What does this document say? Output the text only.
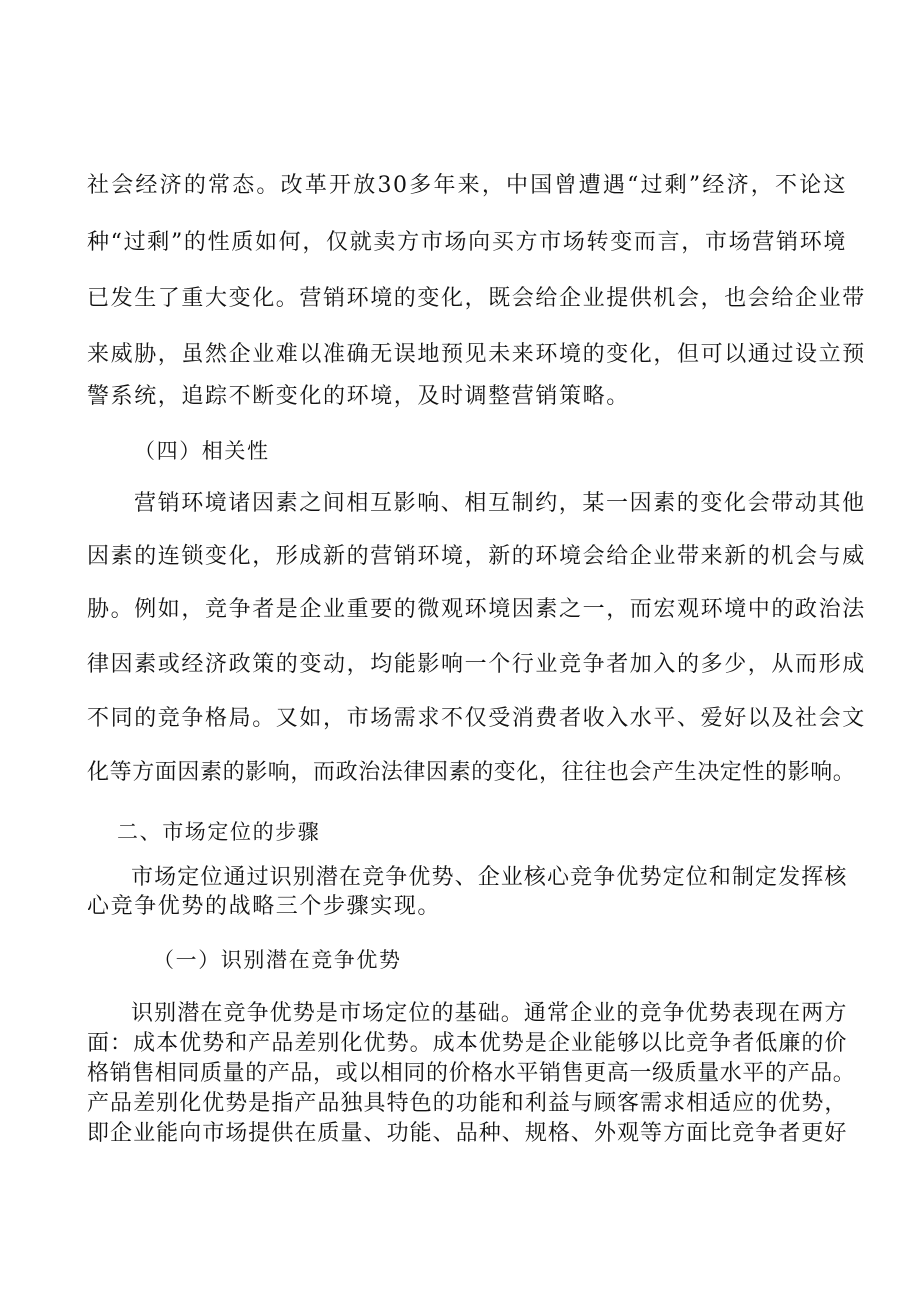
社会经济的常态。改革开放30多年来，中国曾遭遇“过剩”经济，不论这
种“过剩”的性质如何，仅就卖方市场向买方市场转变而言，市场营销环境
已发生了重大变化。营销环境的变化，既会给企业提供机会，也会给企业带
来威胁，虽然企业难以准确无误地预见未来环境的变化，但可以通过设立预
警系统，追踪不断变化的环境，及时调整营销策略。
（四）相关性
营销环境诸因素之间相互影响、相互制约，某一因素的变化会带动其他
因素的连锁变化，形成新的营销环境，新的环境会给企业带来新的机会与威
胁。例如，竞争者是企业重要的微观环境因素之一，而宏观环境中的政治法
律因素或经济政策的变动，均能影响一个行业竞争者加入的多少，从而形成
不同的竞争格局。又如，市场需求不仅受消费者收入水平、爱好以及社会文
化等方面因素的影响，而政治法律因素的变化，往往也会产生决定性的影响。
二、市场定位的步骤
市场定位通过识别潜在竞争优势、企业核心竞争优势定位和制定发挥核
心竞争优势的战略三个步骤实现。
（一）识别潜在竞争优势
识别潜在竞争优势是市场定位的基础。通常企业的竞争优势表现在两方
面：成本优势和产品差别化优势。成本优势是企业能够以比竞争者低廉的价
格销售相同质量的产品，或以相同的价格水平销售更高一级质量水平的产品。
产品差别化优势是指产品独具特色的功能和利益与顾客需求相适应的优势，
即企业能向市场提供在质量、功能、品种、规格、外观等方面比竞争者更好
